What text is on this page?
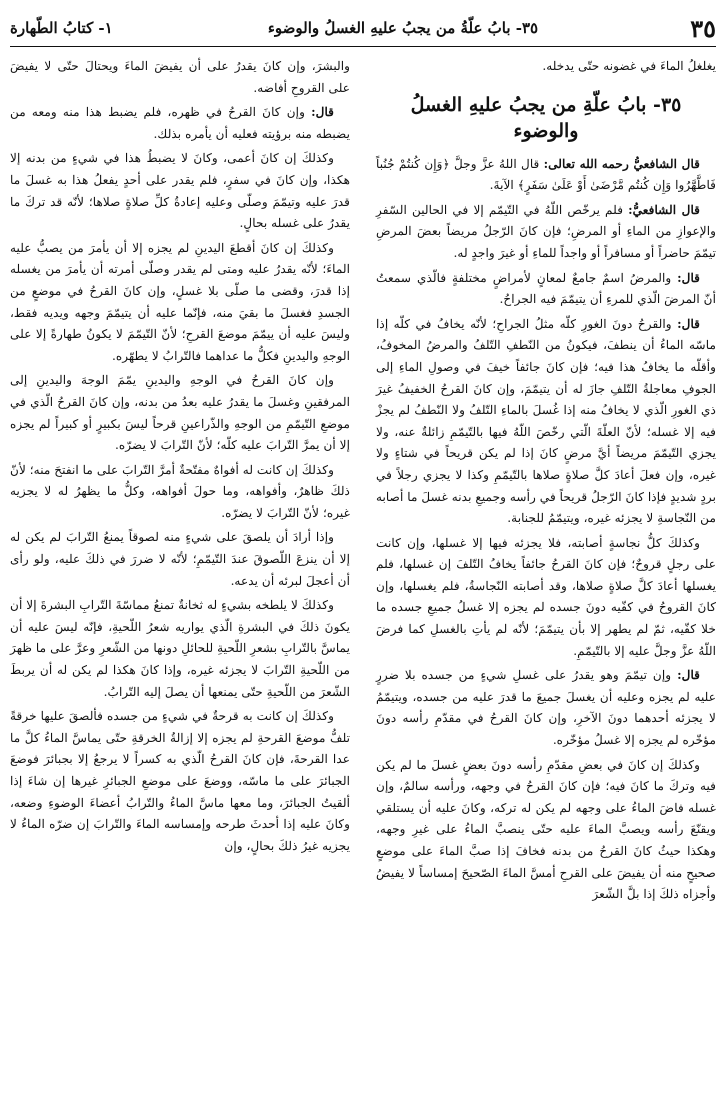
٣٥
٣٥- بابُ علّةُ من يجبُ عليهِ الغسلُ والوضوء
١- كتابُ الطّهارة

يغلغلُ الماءَ في غضونه حتّى يدخله.

٣٥- بابُ علّةِ من يجبُ عليهِ الغسلُ والوضوء

قال الشافعيُّ رحمه الله تعالى: قال اللهُ عزَّ وجلَّ ﴿وَإِن كُنتُمْ جُنُباً فَاطَّهَّرُوا وَإِن كُنتُم مَّرْضَىٰ أَوْ عَلَىٰ سَفَرٍ﴾ الآيةَ.

قال الشافعيُّ: فلم يرخّص اللّهُ في التّيمّم إلا في الحالين السّفرِ والإعوازِ من الماءِ أو المرضِ؛ فإن كانَ الرّجلُ مريضاً بعضَ المرضِ تيمّمَ حاضراً أو مسافراً أو واجداً للماءِ أو غيرَ واجدٍ له.

قال: والمرضُ اسمٌ جامعٌ لمعانٍ لأمراضٍ مختلفةٍ فالّذي سمعتُ أنّ المرضَ الّذي للمرءِ أن يتيمّمَ فيه الجراحُ.

قال: والقرحُ دونَ الغورِ كلّه مثلُ الجراحِ؛ لأنّه يخافُ في كلّه إذا ماسّه الماءُ أن ينطفَ، فيكونُ من النّطفِ التّلفُ والمرضُ المخوفُ، وأقلّه ما يخافُ هذا فيه؛ فإن كانَ جائفاً خيفَ في وصولِ الماءِ إلى الجوفِ معاجلةُ التّلفِ جازَ له أن يتيمّمَ، وإن كانَ القرحُ الخفيفُ غيرَ ذي الغورِ الّذي لا يخافُ منه إذا غُسلَ بالماءِ التّلفُ ولا النّطفُ لم يجزْ فيه إلا غسله؛ لأنّ العلّةَ الّتي رخّصَ اللّهُ فيها بالتّيمّمِ زائلةٌ عنه، ولا يجزي التّيمّمَ مريضاً أيَّ مرضٍ كانَ إذا لم يكن قريحاً في شتاءٍ ولا غيره، وإن فعلَ أعادَ كلَّ صلاةٍ صلاها بالتّيمّمِ وكذا لا يجزي رجلاً في بردٍ شديدٍ فإذا كانَ الرّجلُ قريحاً في رأسه وجميعِ بدنه غسلَ ما أصابه من النّجاسةِ لا يجزئه غيره، ويتيمّمُ للجنابة.

وكذلكَ كلُّ نجاسةٍ أصابته، فلا يجزئه فيها إلا غسلها، وإن كانت على رجلٍ قروحٌ؛ فإن كانَ القرحُ جائفاً يخافُ التّلفَ إن غسلها، فلم يغسلها أعادَ كلَّ صلاةٍ صلاها، وقد أصابته النّجاسةُ، فلم يغسلها، وإن كانَ القروحُ في كفّيه دونَ جسده لم يجزه إلا غسلُ جميعِ جسده ما خلا كفّيه، ثمّ لم يطهر إلا بأن يتيمّمَ؛ لأنّه لم يأتِ بالغسلِ كما فرضَ اللّهُ عزَّ وجلَّ عليه إلا بالتّيمّمِ.

قال: وإن تيمّمَ وهو يقدرُ على غسلِ شيءٍ من جسده بلا ضررٍ عليه لم يجزه وعليه أن يغسلَ جميعَ ما قدرَ عليه من جسده، ويتيمّمُ لا يجزئه أحدهما دونَ الآخرِ، وإن كانَ القرحُ في مقدّمِ رأسه دونَ مؤخّره لم يجزه إلا غسلُ مؤخّره.

وكذلكَ إن كانَ في بعضِ مقدّمِ رأسه دونَ بعضٍ غسلَ ما لم يكن فيه وتركَ ما كانَ فيه؛ فإن كانَ القرحُ في وجهه، ورأسه سالمٌ، وإن غسله فاضَ الماءُ على وجهه لم يكن له تركه، وكانَ عليه أن يستلقي ويقنّعَ رأسه ويصبَّ الماءَ عليه حتّى ينصبَّ الماءُ على غيرِ وجهه، وهكذا حيثُ كانَ القرحُ من بدنه فخافَ إذا صبَّ الماءَ على موضعٍ صحيحٍ منه أن يفيضَ على القرحِ أمسَّ الماءَ الصّحيحَ إمساساً لا يفيضُ وأجزاه ذلكَ إذا بلَّ الشّعرَ

والبشرَ، وإن كانَ يقدرُ على أن يفيضَ الماءَ ويحتالَ حتّى لا يفيضَ على القروحِ أفاضه.

قال: وإن كانَ القرحُ في ظهره، فلم يضبط هذا منه ومعه من يضبطه منه برؤيته فعليه أن يأمره بذلك.

وكذلكَ إن كانَ أعمى، وكانَ لا يضبطُ هذا في شيءٍ من بدنه إلا هكذا، وإن كانَ في سفرٍ، فلم يقدر على أحدٍ يفعلُ هذا به غسلَ ما قدرَ عليه وتيمّمَ وصلّى وعليه إعادةُ كلِّ صلاةٍ صلاها؛ لأنّه قد تركَ ما يقدرُ على غسله بحالٍ.

وكذلكَ إن كانَ أقطعَ اليدينِ لم يجزه إلا أن يأمرَ من يصبُّ عليه الماءَ؛ لأنّه يقدرُ عليه ومتى لم يقدر وصلّى أمرته أن يأمرَ من يغسله إذا قدرَ، وقضى ما صلّى بلا غسلٍ، وإن كانَ القرحُ في موضعٍ من الجسدِ فغسلَ ما بقيَ منه، فإنّما عليه أن يتيمّمَ وجهه ويديه فقط، وليسَ عليه أن ييمّمَ موضعَ القرحِ؛ لأنّ التّيمّمَ لا يكونُ طهارةً إلا على الوجهِ واليدينِ فكلُّ ما عداهما فالتّرابُ لا يطهّره.

وإن كانَ القرحُ في الوجهِ واليدينِ يمّمَ الوجهَ واليدينِ إلى المرفقينِ وغسلَ ما يقدرُ عليه بعدُ من بدنه، وإن كانَ القرحُ الّذي في موضعِ التّيمّمِ من الوجهِ والذّراعينِ قرحاً ليسَ بكبيرٍ أو كبيراً لم يجزه إلا أن يمرَّ التّرابَ عليه كلّه؛ لأنّ التّرابَ لا يضرّه.

وكذلكَ إن كانت له أفواهٌ مفتّحةٌ أمرَّ التّرابَ على ما انفتحَ منه؛ لأنّ ذلكَ ظاهرٌ، وأفواهه، وما حولَ أفواهه، وكلُّ ما يظهرُ له لا يجزيه غيره؛ لأنّ التّرابَ لا يضرّه.

وإذا أرادَ أن يلصقَ على شيءٍ منه لصوقاً يمنعُ التّرابَ لم يكن له إلا أن ينزعَ اللّصوقَ عندَ التّيمّمِ؛ لأنّه لا ضررَ في ذلكَ عليه، ولو رأى أن أعجلَ لبرئه أن يدعه.

وكذلكَ لا يلطخه بشيءٍ له ثخانةٌ تمنعُ مماسّةَ التّرابِ البشرةَ إلا أن يكونَ ذلكَ في البشرةِ الّذي يواريه شعرُ اللّحيةِ، فإنّه ليسَ عليه أن يماسَّ بالتّرابِ بشعرِ اللّحيةِ للحائلِ دونها من الشّعرِ وعرَّ على ما ظهرَ من اللّحيةِ التّرابَ لا يجزئه غيره، وإذا كانَ هكذا لم يكن له أن يربطَ الشّعرَ من اللّحيةِ حتّى يمنعها أن يصلَ إليه التّرابُ.

وكذلكَ إن كانت به قرحةٌ في شيءٍ من جسده فألصقَ عليها خرقةً تلفُّ موضعَ القرحةِ لم يجزه إلا إزالةُ الخرقةِ حتّى يماسَّ الماءُ كلَّ ما عدا القرحةَ، فإن كانَ القرحُ الّذي به كسراً لا يرجعُ إلا بجبائرَ فوضعَ الجبائرَ على ما ماسّه، ووضعَ على موضعِ الجبائرِ غيرها إن شاءَ إذا ألقيتُ الجبائرَ، وما معها ماسَّ الماءُ والتّرابُ أعضاءَ الوضوءِ وضعه، وكانَ عليه إذا أحدثَ طرحه وإمساسه الماءَ والتّرابَ إن ضرّه الماءُ لا يجزيه غيرُ ذلكَ بحالٍ، وإن
